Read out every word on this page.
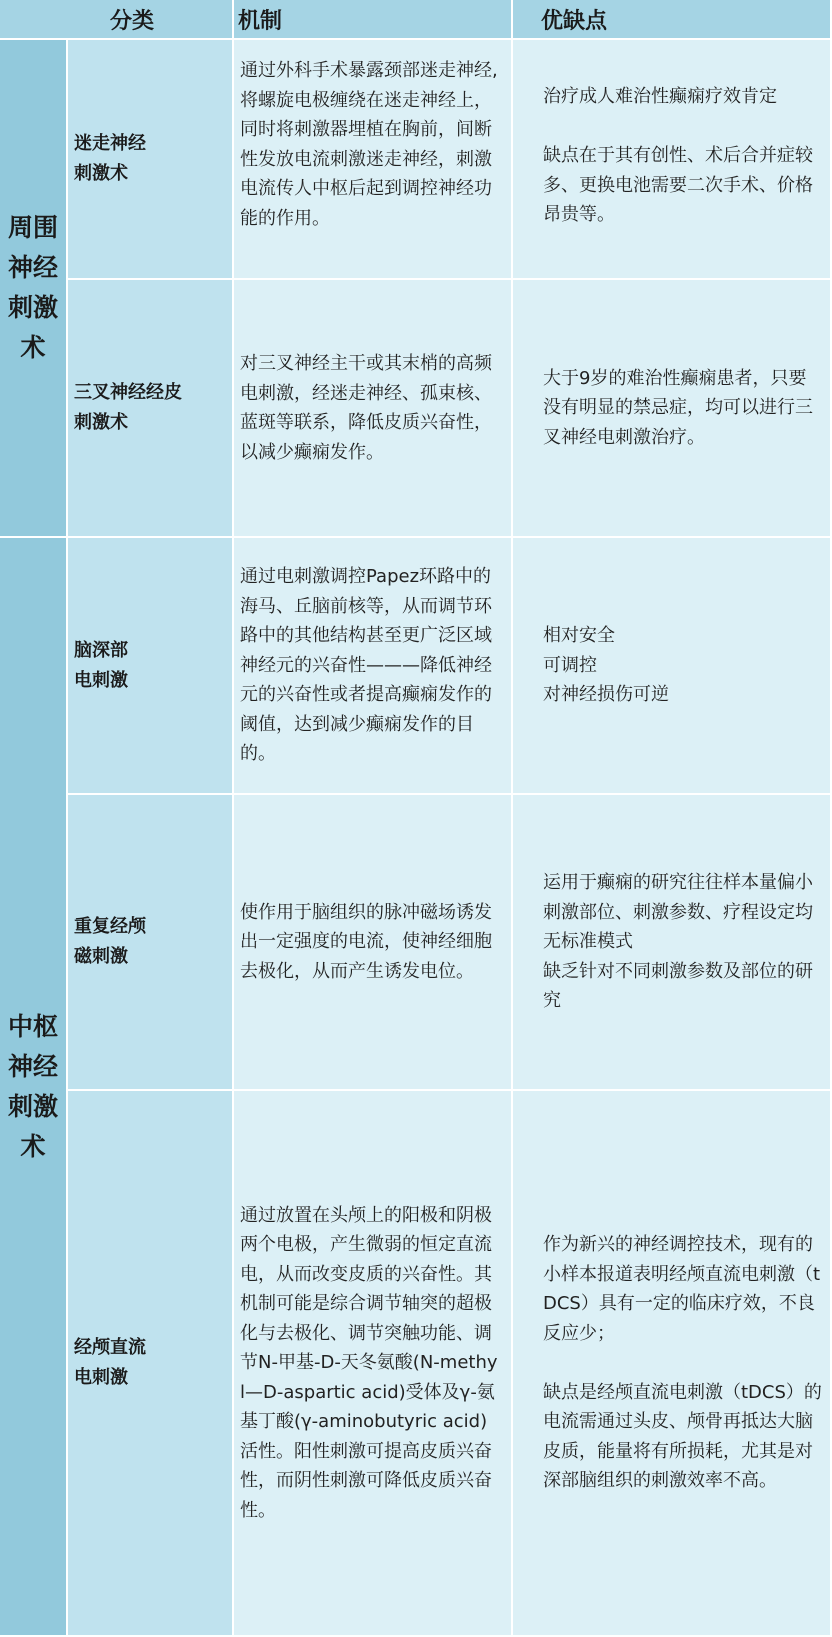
分类	机制	优缺点
周围神经刺激术
中枢神经刺激术
迷走神经
刺激术
通过外科手术暴露颈部迷走神经,将螺旋电极缠绕在迷走神经上，同时将刺激器埋植在胸前，间断性发放电流刺激迷走神经，刺激电流传人中枢后起到调控神经功能的作用。
治疗成人难治性癫痫疗效肯定
缺点在于其有创性、术后合并症较多、更换电池需要二次手术、价格昂贵等。
三叉神经经皮
刺激术
对三叉神经主干或其末梢的高频电刺激，经迷走神经、孤束核、蓝斑等联系，降低皮质兴奋性，以减少癫痫发作。
大于9岁的难治性癫痫患者，只要没有明显的禁忌症，均可以进行三叉神经电刺激治疗。
脑深部
电刺激
通过电刺激调控Papez环路中的海马、丘脑前核等，从而调节环路中的其他结构甚至更广泛区域神经元的兴奋性———降低神经元的兴奋性或者提高癫痫发作的阈值，达到减少癫痫发作的目的。
相对安全
可调控
对神经损伤可逆
重复经颅
磁刺激
使作用于脑组织的脉冲磁场诱发出一定强度的电流，使神经细胞去极化，从而产生诱发电位。
运用于癫痫的研究往往样本量偏小
刺激部位、刺激参数、疗程设定均无标准模式
缺乏针对不同刺激参数及部位的研究
经颅直流
电刺激
通过放置在头颅上的阳极和阴极两个电极，产生微弱的恒定直流电，从而改变皮质的兴奋性。其机制可能是综合调节轴突的超极化与去极化、调节突触功能、调节N-甲基-D-天冬氨酸(N-methyl—D-aspartic acid)受体及γ-氨基丁酸(γ-aminobutyric acid)活性。阳性刺激可提高皮质兴奋性，而阴性刺激可降低皮质兴奋性。
作为新兴的神经调控技术，现有的小样本报道表明经颅直流电刺激（tDCS）具有一定的临床疗效，不良反应少；
缺点是经颅直流电刺激（tDCS）的电流需通过头皮、颅骨再抵达大脑皮质，能量将有所损耗，尤其是对深部脑组织的刺激效率不高。
